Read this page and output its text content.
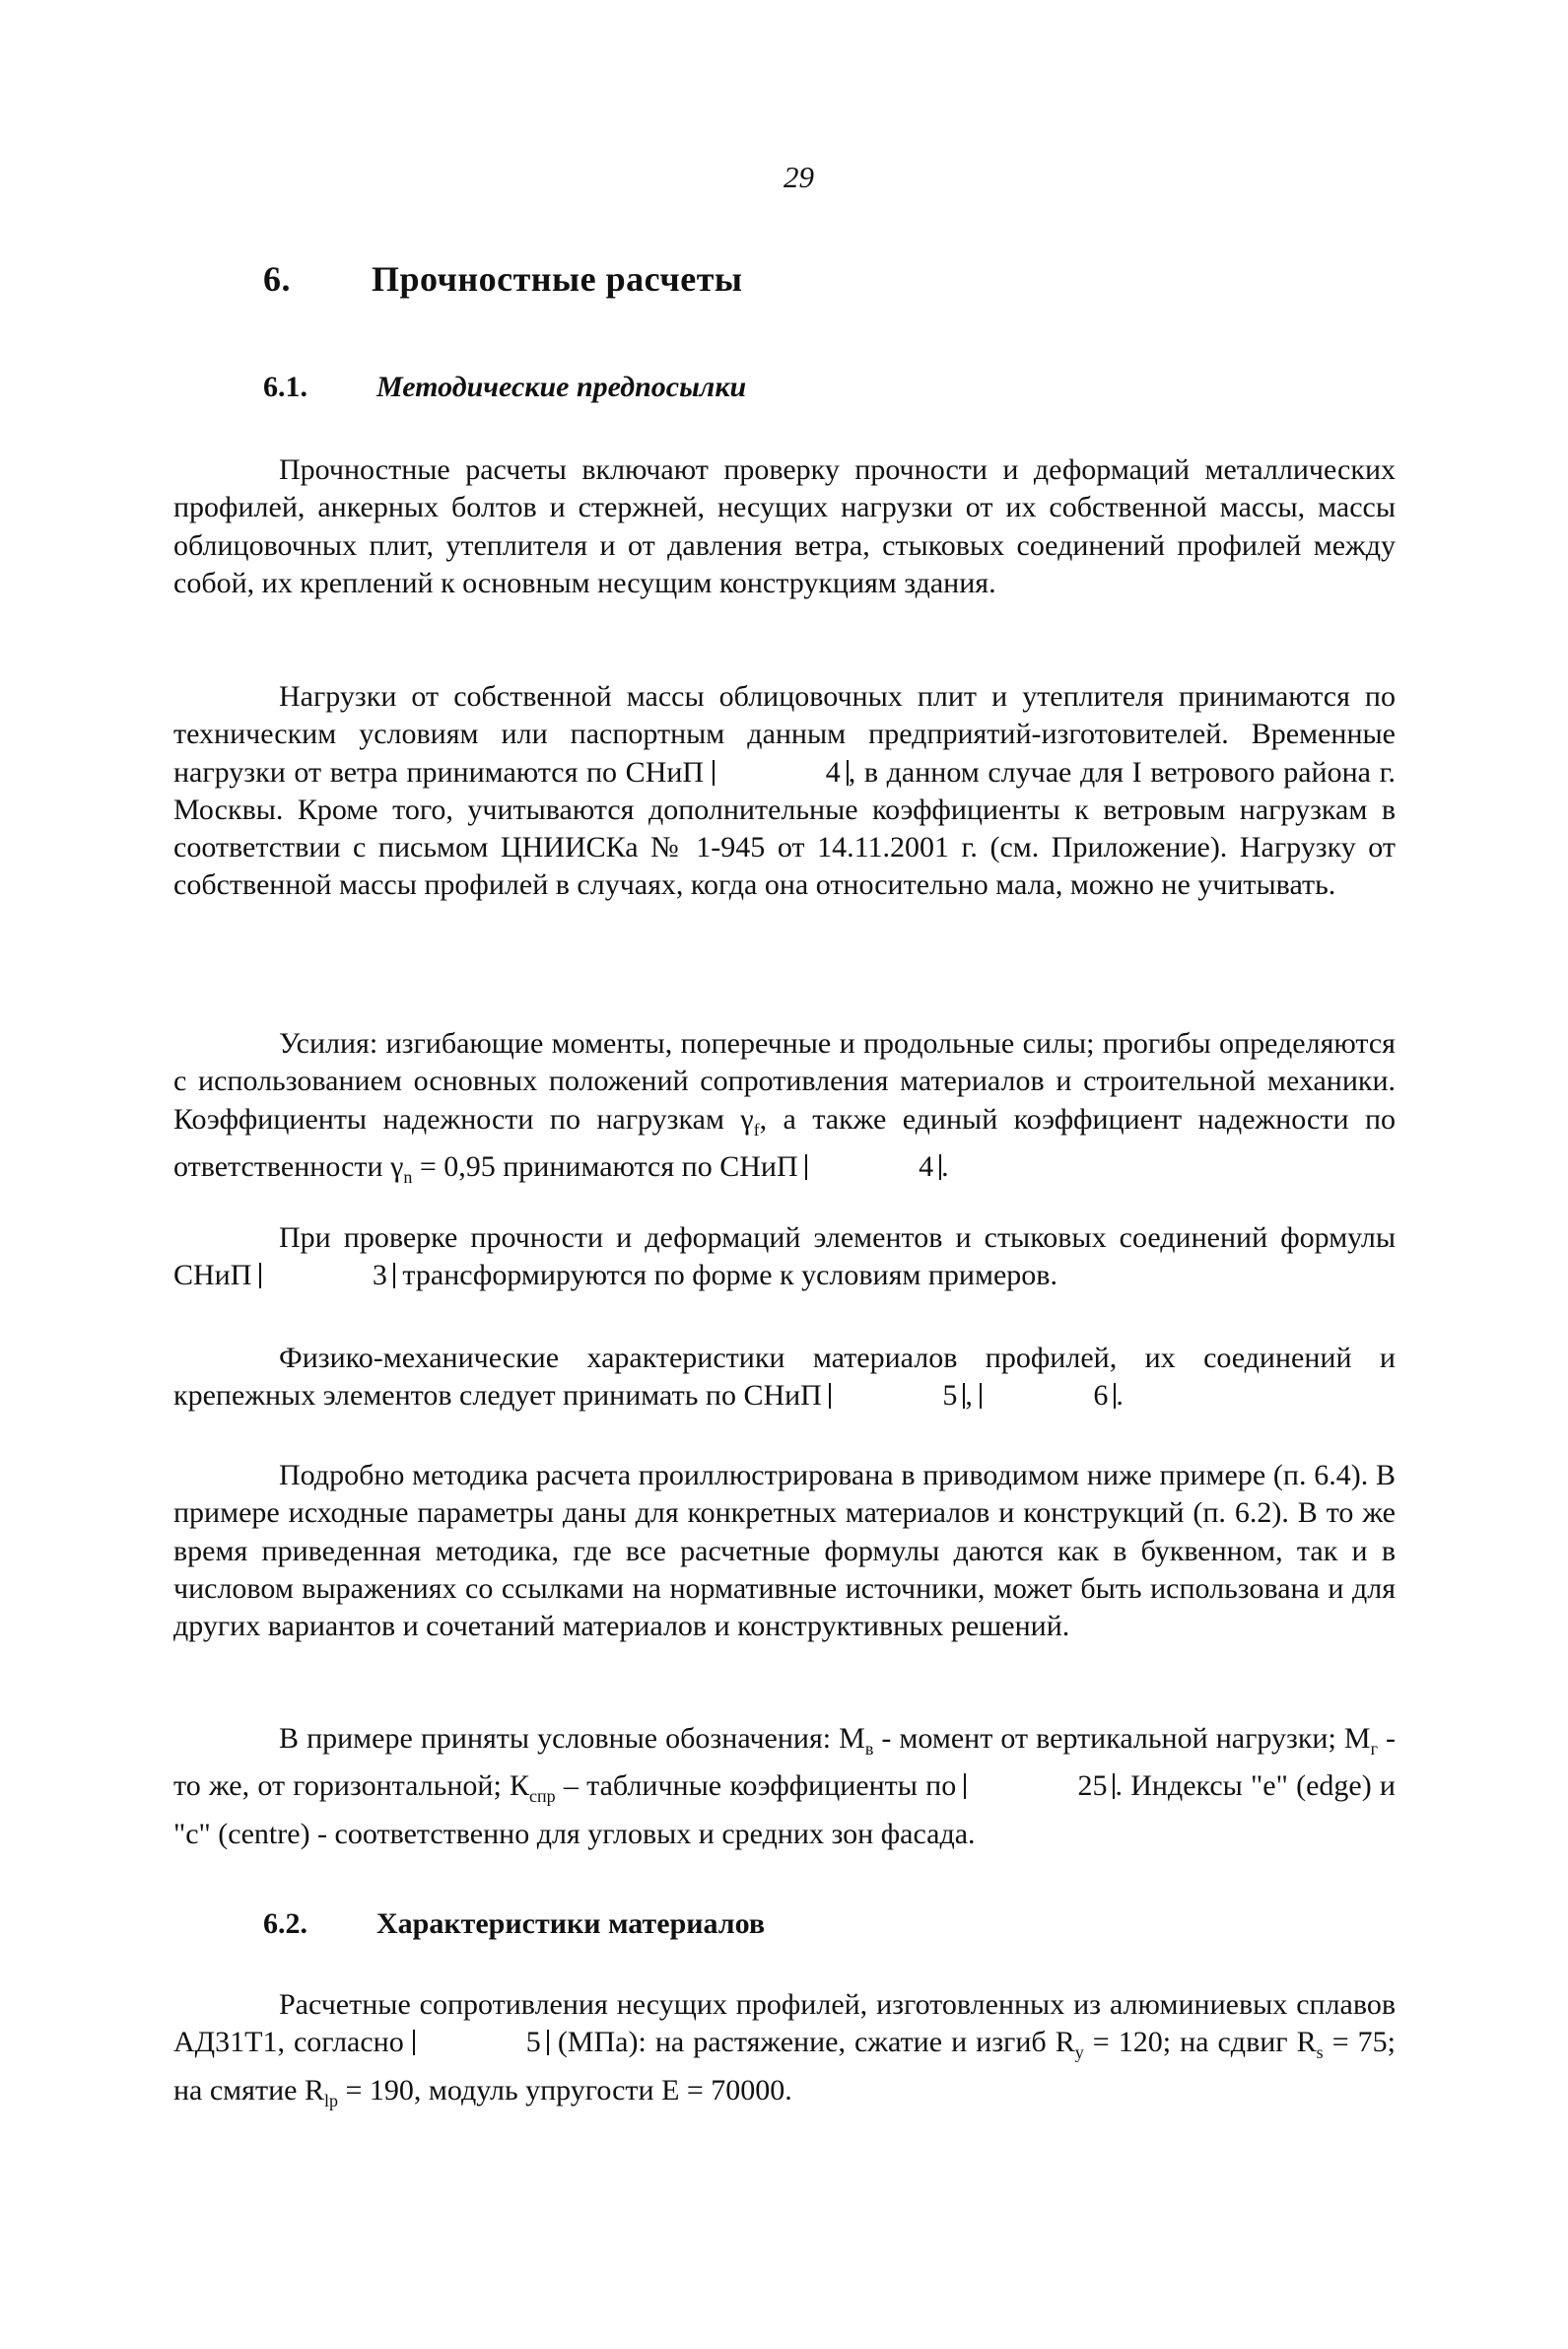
29
6. Прочностные расчеты
6.1. Методические предпосылки

Прочностные расчеты включают проверку прочности и деформаций металлических профилей, анкерных болтов и стержней, несущих нагрузки от их собственной массы, массы облицовочных плит, утеплителя и от давления ветра, стыковых соединений профилей между собой, их креплений к основным несущим конструкциям здания.

Нагрузки от собственной массы облицовочных плит и утеплителя принимаются по техническим условиям или паспортным данным предприятий-изготовителей. Временные нагрузки от ветра принимаются по СНиП	4 , в данном случае для I ветрового района г. Москвы. Кроме того, учитываются дополнительные коэффициенты к ветровым нагрузкам в соответствии с письмом ЦНИИСКа № 1-945 от 14.11.2001 г. (см. Приложение). Нагрузку от собственной массы профилей в случаях, когда она относительно мала, можно не учитывать.

Усилия: изгибающие моменты, поперечные и продольные силы; прогибы определяются с использованием основных положений сопротивления материалов и строительной механики. Коэффициенты надежности по нагрузкам $\gamma_f$, а также единый коэффициент надежности по ответственности $\gamma_n = 0,95$ принимаются по СНиП	4 .

При проверке прочности и деформаций элементов и стыковых соединений формулы СНиП	3 трансформируются по форме к условиям примеров.

Физико-механические характеристики материалов профилей, их соединений и крепежных элементов следует принимать по СНиП	5 ,	6 .

Подробно методика расчета проиллюстрирована в приводимом ниже примере (п. 6.4). В примере исходные параметры даны для конкретных материалов и конструкций (п. 6.2). В то же время приведенная методика, где все расчетные формулы даются как в буквенном, так и в числовом выражениях со ссылками на нормативные источники, может быть использована и для других вариантов и сочетаний материалов и конструктивных решений.

В примере приняты условные обозначения: $М_в$ - момент от вертикальной нагрузки; $М_г$ - то же, от горизонтальной; $К_{спр}$ – табличные коэффициенты по	25 . Индексы "е" (edge) и "с" (centre) - соответственно для угловых и средних зон фасада.

6.2. Характеристики материалов

Расчетные сопротивления несущих профилей, изготовленных из алюминиевых сплавов АД31Т1, согласно	5 (МПа): на растяжение, сжатие и изгиб $R_y = 120$; на сдвиг $R_s = 75$; на смятие $R_{lp} = 190$, модуль упругости Е = 70000.
